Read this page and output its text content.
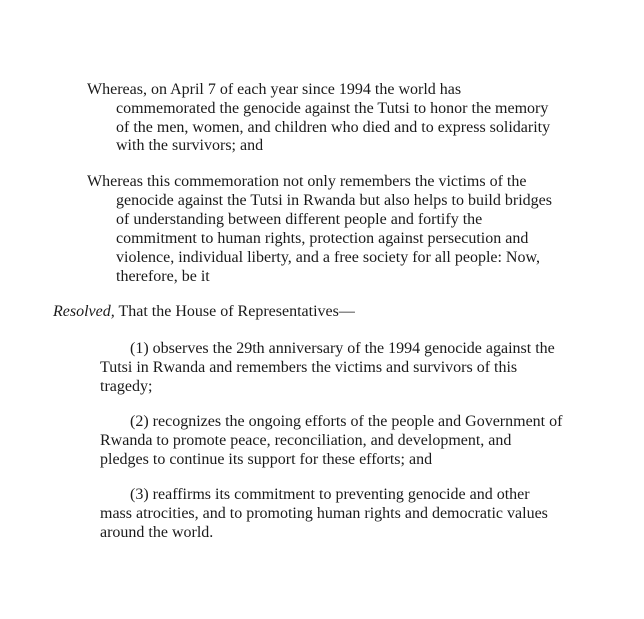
Whereas, on April 7 of each year since 1994 the world has
commemorated the genocide against the Tutsi to honor the memory
of the men, women, and children who died and to express solidarity
with the survivors; and
Whereas this commemoration not only remembers the victims of the
genocide against the Tutsi in Rwanda but also helps to build bridges
of understanding between different people and fortify the
commitment to human rights, protection against persecution and
violence, individual liberty, and a free society for all people: Now,
therefore, be it
Resolved, That the House of Representatives—
(1) observes the 29th anniversary of the 1994 genocide against the
Tutsi in Rwanda and remembers the victims and survivors of this
tragedy;
(2) recognizes the ongoing efforts of the people and Government of
Rwanda to promote peace, reconciliation, and development, and
pledges to continue its support for these efforts; and
(3) reaffirms its commitment to preventing genocide and other
mass atrocities, and to promoting human rights and democratic values
around the world.
